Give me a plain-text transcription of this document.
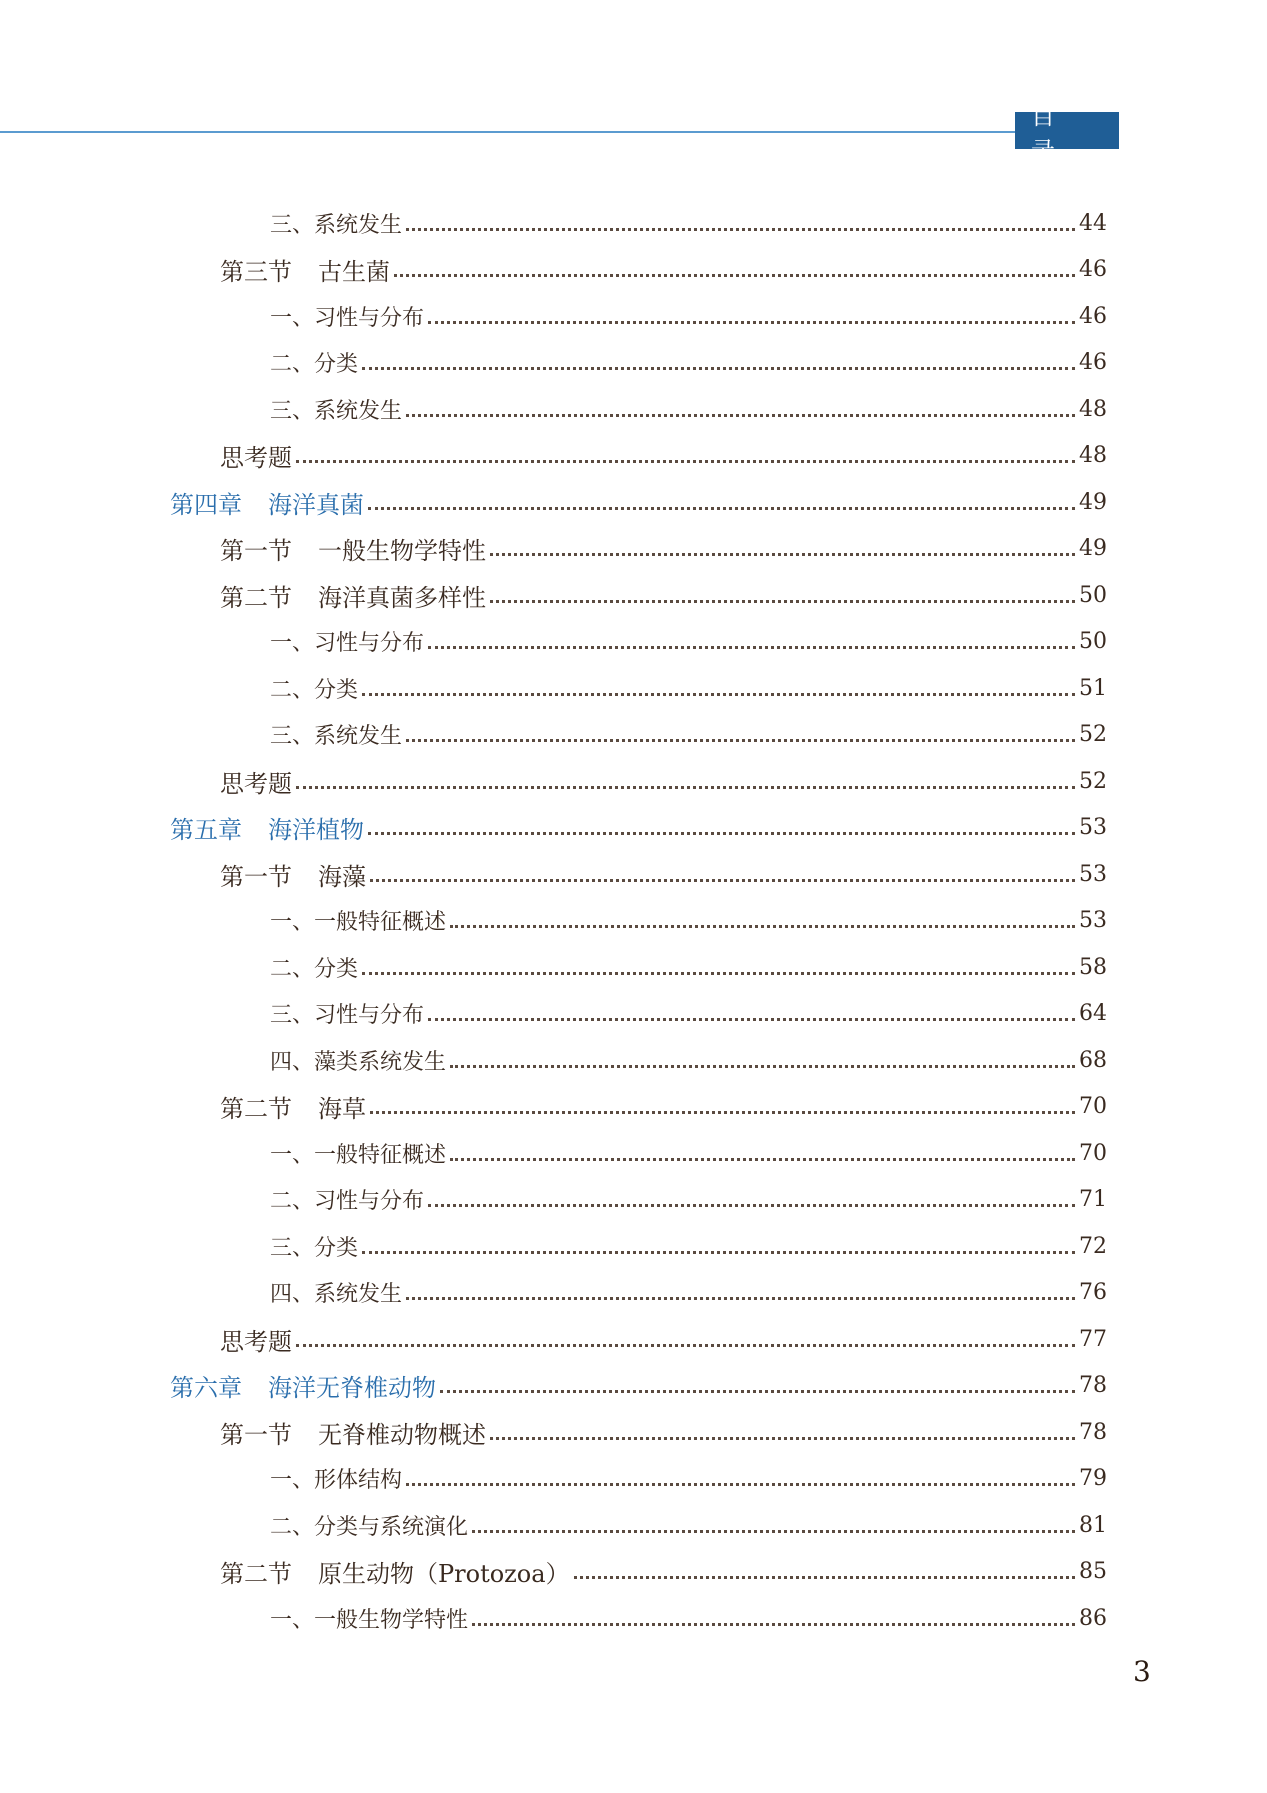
目 录
三、系统发生	44
第三节 古生菌	46
一、习性与分布	46
二、分类	46
三、系统发生	48
思考题	48
第四章 海洋真菌	49
第一节 一般生物学特性	49
第二节 海洋真菌多样性	50
一、习性与分布	50
二、分类	51
三、系统发生	52
思考题	52
第五章 海洋植物	53
第一节 海藻	53
一、一般特征概述	53
二、分类	58
三、习性与分布	64
四、藻类系统发生	68
第二节 海草	70
一、一般特征概述	70
二、习性与分布	71
三、分类	72
四、系统发生	76
思考题	77
第六章 海洋无脊椎动物	78
第一节 无脊椎动物概述	78
一、形体结构	79
二、分类与系统演化	81
第二节 原生动物（Protozoa）	85
一、一般生物学特性	86
3
